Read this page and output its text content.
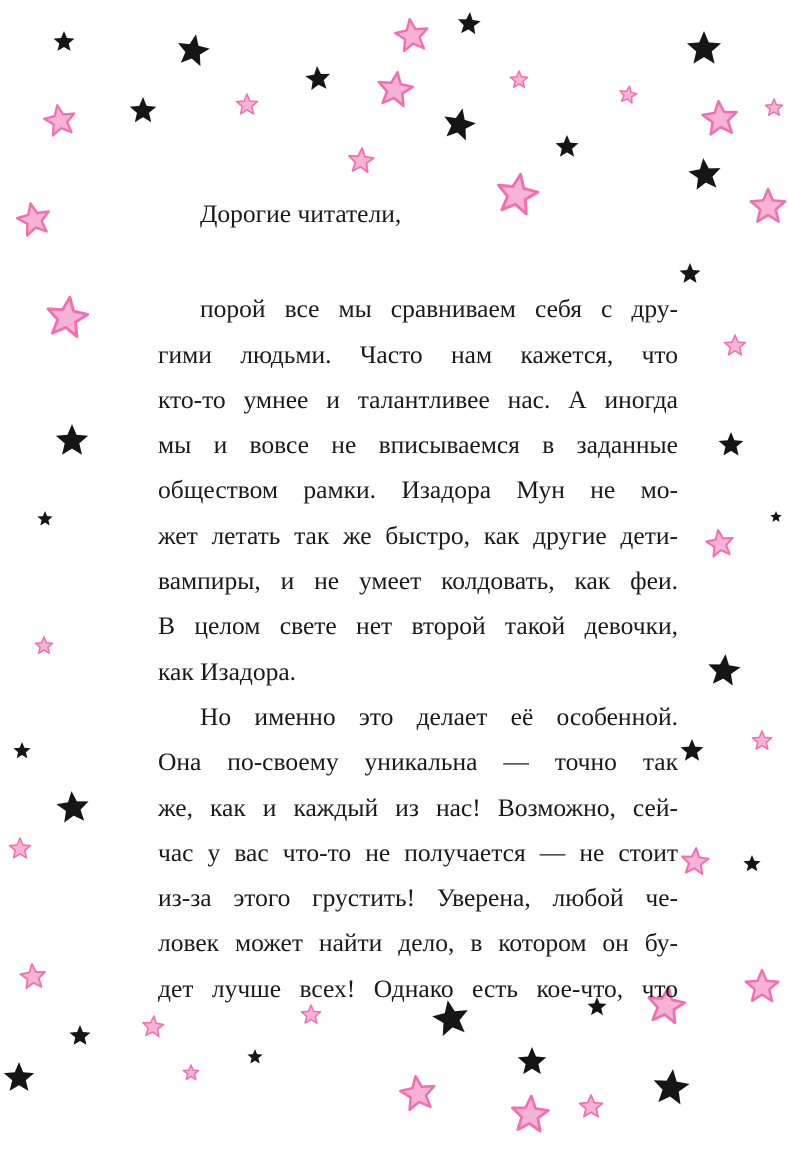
Дорогие читатели,
порой все мы сравниваем себя с дру-
гими людьми. Часто нам кажется, что
кто-то умнее и талантливее нас. А иногда
мы и вовсе не вписываемся в заданные
обществом рамки. Изадора Мун не мо-
жет летать так же быстро, как другие дети-
вампиры, и не умеет колдовать, как феи.
В целом свете нет второй такой девочки,
как Изадора.
Но именно это делает её особенной.
Она по-своему уникальна — точно так
же, как и каждый из нас! Возможно, сей-
час у вас что-то не получается — не стоит
из-за этого грустить! Уверена, любой че-
ловек может найти дело, в котором он бу-
дет лучше всех! Однако есть кое-что, что
